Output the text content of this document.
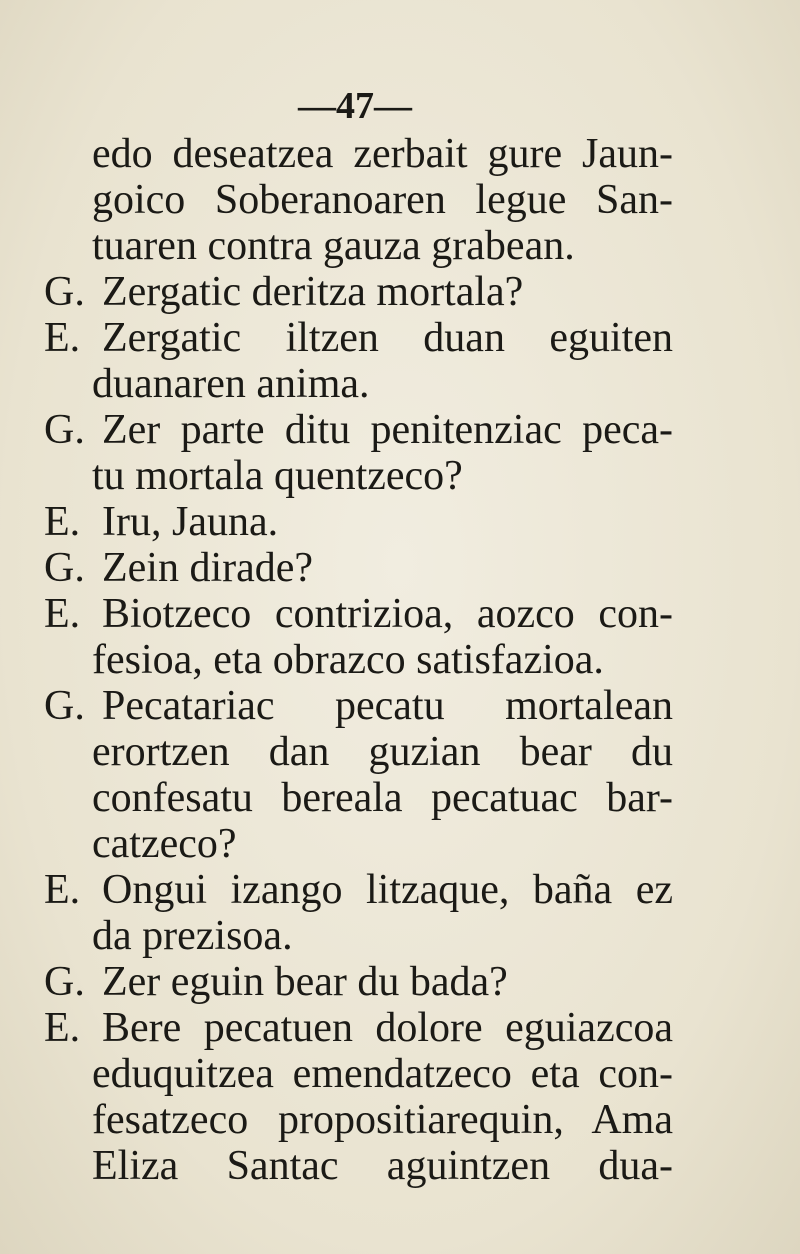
—47—
edo deseatzea zerbait gure Jaun-
goico Soberanoaren legue San-
tuaren contra gauza grabean.
G. Zergatic deritza mortala?
E. Zergatic iltzen duan eguiten
duanaren anima.
G. Zer parte ditu penitenziac peca-
tu mortala quentzeco?
E. Iru, Jauna.
G. Zein dirade?
E. Biotzeco contrizioa, aozco con-
fesioa, eta obrazco satisfazioa.
G. Pecatariac pecatu mortalean
erortzen dan guzian bear du
confesatu bereala pecatuac bar-
catzeco?
E. Ongui izango litzaque, baña ez
da prezisoa.
G. Zer eguin bear du bada?
E. Bere pecatuen dolore eguiazcoa
eduquitzea emendatzeco eta con-
fesatzeco propositiarequin, Ama
Eliza Santac aguintzen dua-
